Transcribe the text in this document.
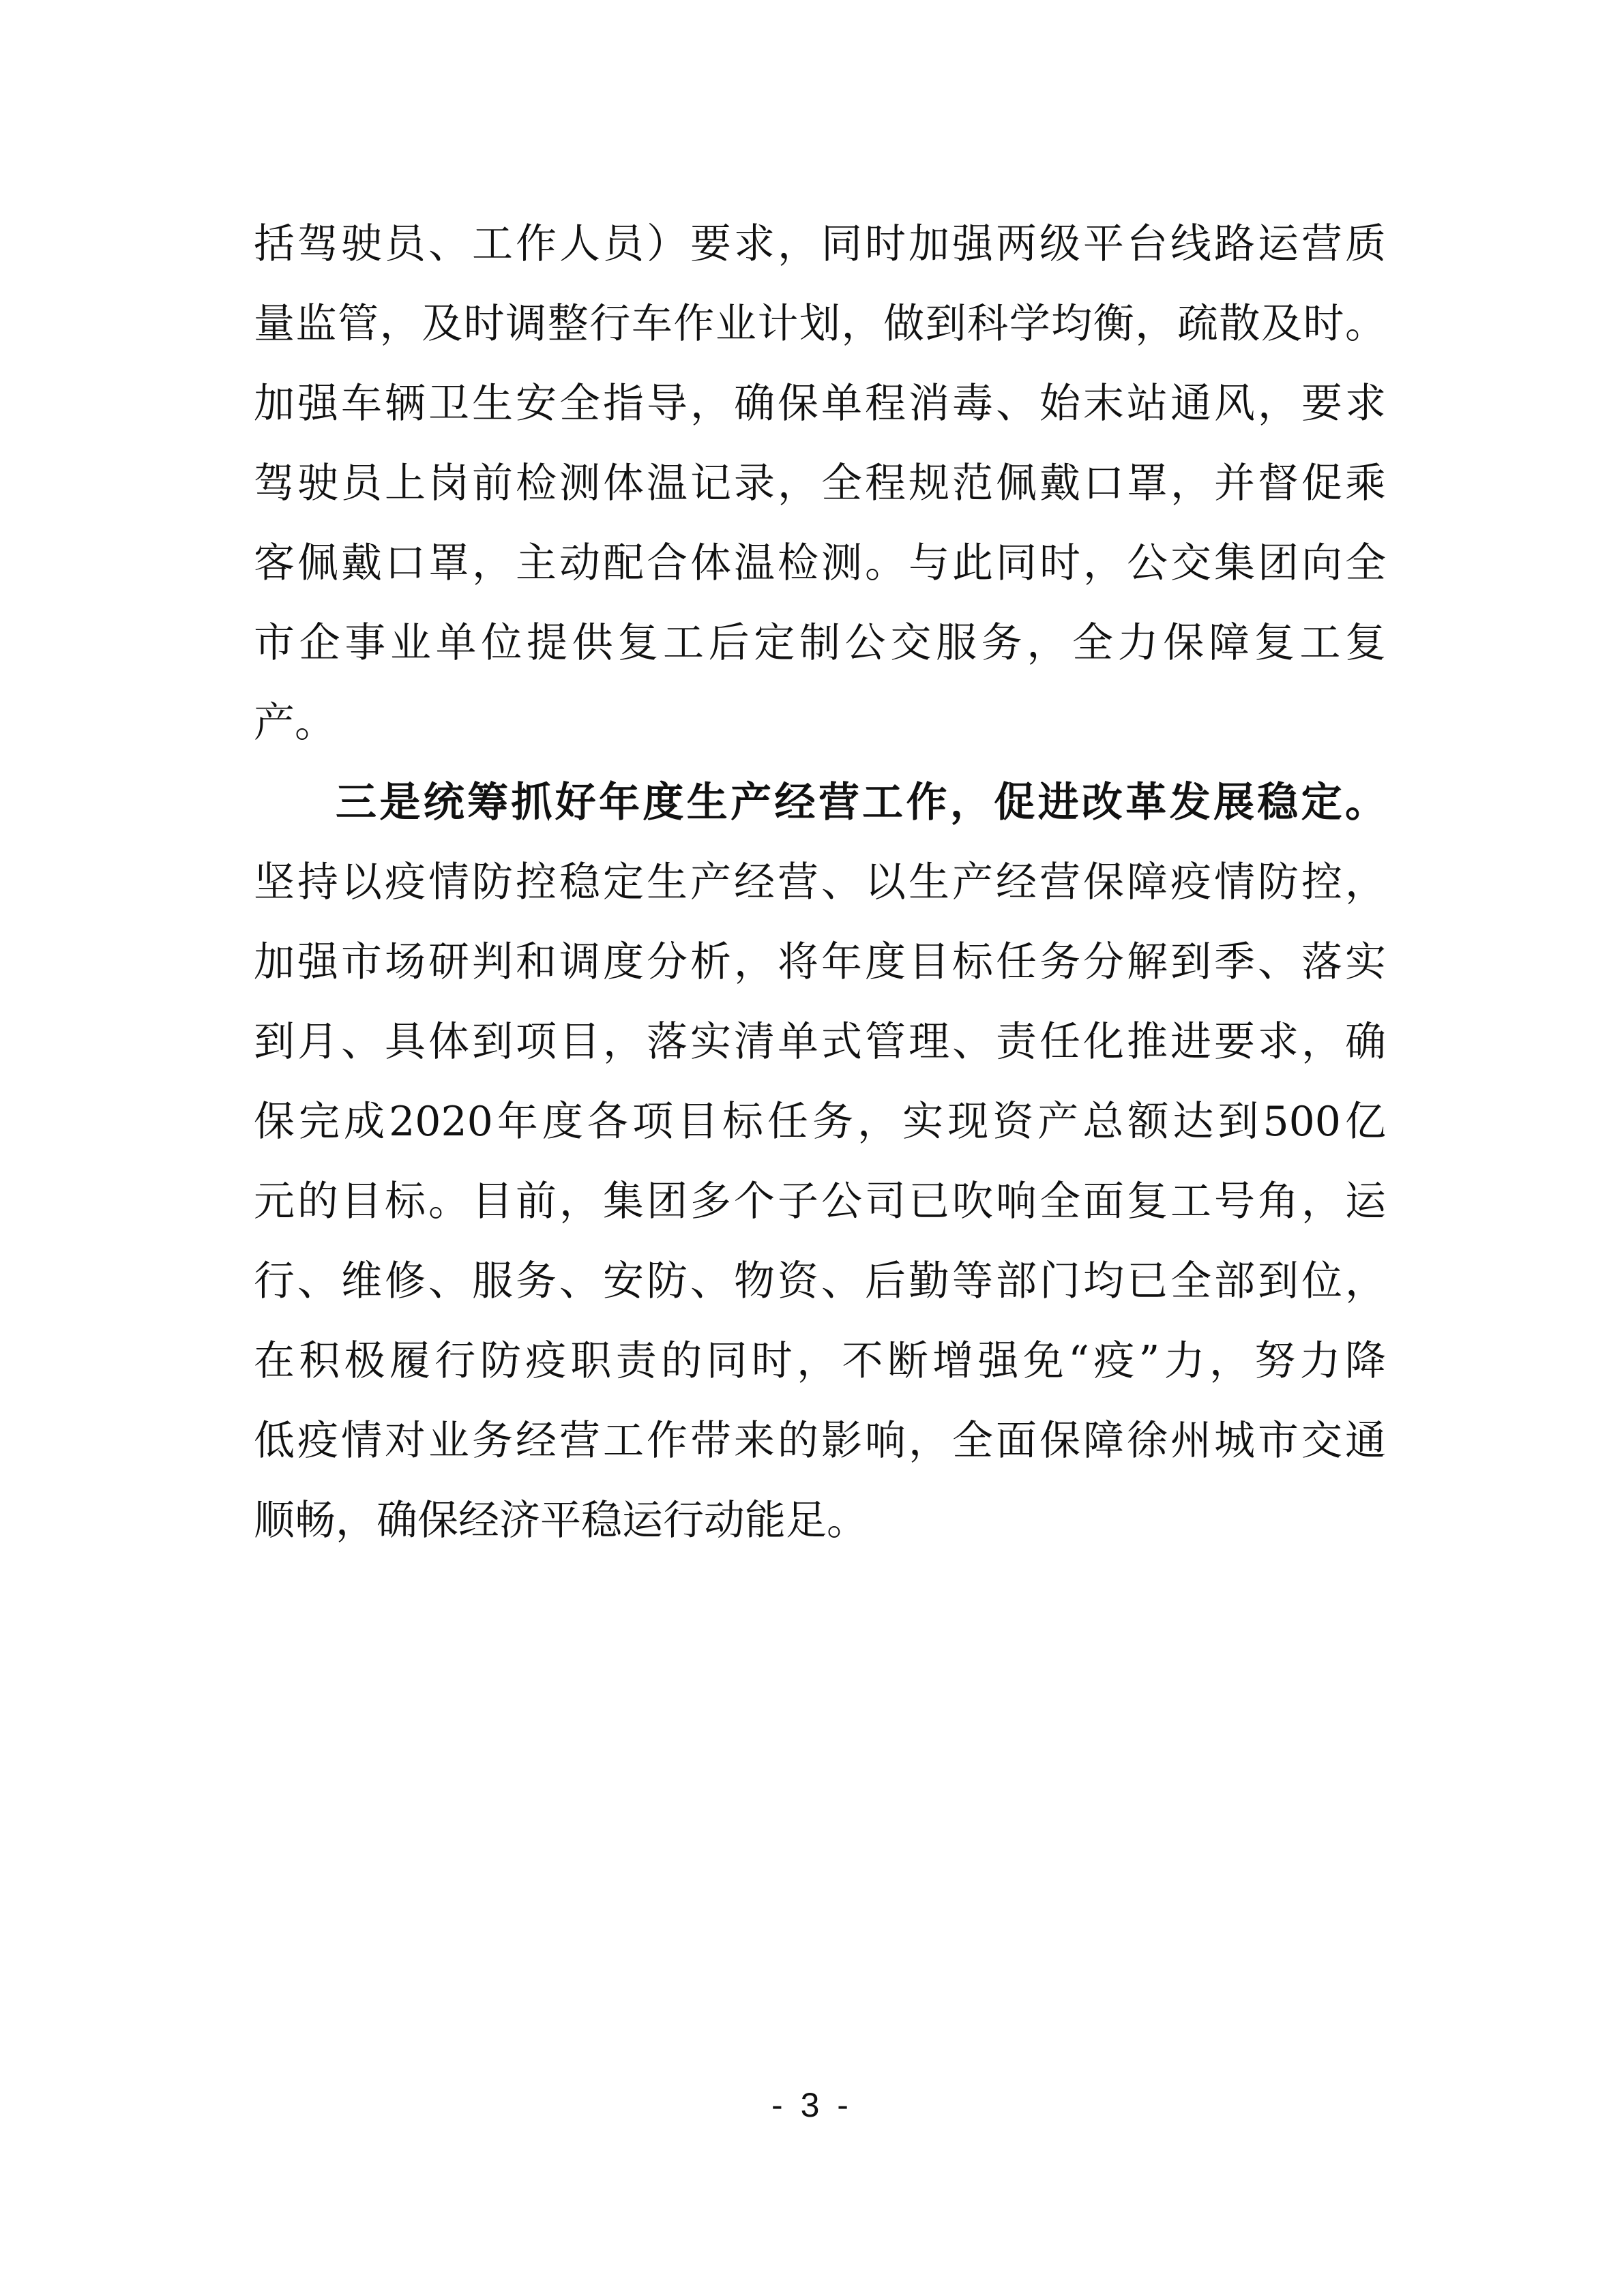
括驾驶员、工作人员）要求，同时加强两级平台线路运营质
量监管，及时调整行车作业计划，做到科学均衡，疏散及时。
加强车辆卫生安全指导，确保单程消毒、始末站通风，要求
驾驶员上岗前检测体温记录，全程规范佩戴口罩，并督促乘
客佩戴口罩，主动配合体温检测。与此同时，公交集团向全
市企事业单位提供复工后定制公交服务，全力保障复工复
产。
三是统筹抓好年度生产经营工作，促进改革发展稳定。
坚持以疫情防控稳定生产经营、以生产经营保障疫情防控，
加强市场研判和调度分析，将年度目标任务分解到季、落实
到月、具体到项目，落实清单式管理、责任化推进要求，确
保完成2020年度各项目标任务，实现资产总额达到500亿
元的目标。目前，集团多个子公司已吹响全面复工号角，运
行、维修、服务、安防、物资、后勤等部门均已全部到位，
在积极履行防疫职责的同时，不断增强免“疫”力，努力降
低疫情对业务经营工作带来的影响，全面保障徐州城市交通
顺畅，确保经济平稳运行动能足。
- 3 -
